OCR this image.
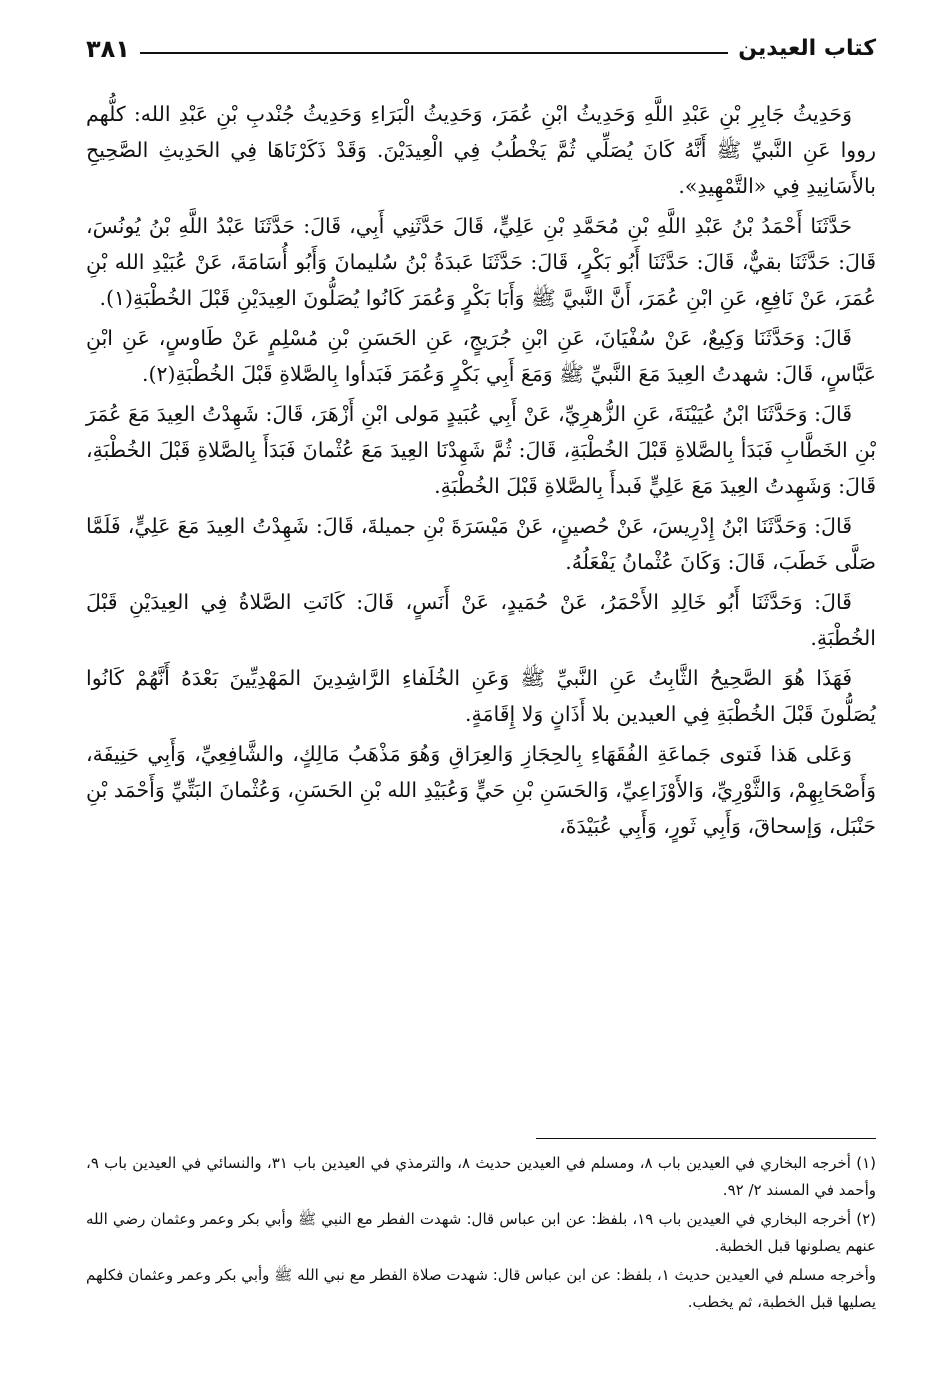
كتاب العيدين
٣٨١

وَحَدِيثُ جَابِرِ بْنِ عَبْدِ اللَّهِ وَحَدِيثُ ابْنِ عُمَرَ، وَحَدِيثُ الْبَرَاءِ وَحَدِيثُ جُنْدبِ بْنِ عَبْدِ الله: كلُّهم رووا عَنِ النَّبيِّ ﷺ أَنَّهُ كَانَ يُصَلِّي ثُمَّ يَخْطُبُ فِي الْعِيدَيْنَ. وَقَدْ ذَكَرْنَاهَا فِي الحَدِيثِ الصَّحِيحِ بالأَسَانِيدِ فِي «التَّمْهِيدِ».

حَدَّثَنَا أَحْمَدُ بْنُ عَبْدِ اللَّهِ بْنِ مُحَمَّدِ بْنِ عَلِيٍّ، قَالَ حَدَّثَنِي أَبِي، قَالَ: حَدَّثَنَا عَبْدُ اللَّهِ بْنُ يُونُسَ، قَالَ: حَدَّثَنَا بقيٌّ، قَالَ: حَدَّثَنَا أَبُو بَكْرٍ، قَالَ: حَدَّثَنَا عَبدَةُ بْنُ سُليمانَ وَأَبُو أُسَامَةَ، عَنْ عُبَيْدِ الله بْنِ عُمَرَ، عَنْ نَافِعِ، عَنِ ابْنِ عُمَرَ، أَنَّ النَّبيَّ ﷺ وَأَبَا بَكْرٍ وَعُمَرَ كَانُوا يُصَلُّونَ العِيدَيْنِ قَبْلَ الخُطْبَةِ(١).

قَالَ: وَحَدَّثَنَا وَكِيعٌ، عَنْ سُفْيَانَ، عَنِ ابْنِ جُرَيجٍ، عَنِ الحَسَنِ بْنِ مُسْلِمٍ عَنْ طَاوسٍ، عَنِ ابْنِ عَبَّاسٍ، قَالَ: شهدتُ العِيدَ مَعَ النَّبيِّ ﷺ وَمَعَ أَبِي بَكْرٍ وَعُمَرَ فَبَدأوا بِالصَّلاةِ قَبْلَ الخُطْبَةِ(٢).

قَالَ: وَحَدَّثَنَا ابْنُ عُيَيْنَةَ، عَنِ الزُّهرِيِّ، عَنْ أَبِي عُبَيدٍ مَولى ابْنِ أَزْهَرَ، قَالَ: شَهِدْتُ العِيدَ مَعَ عُمَرَ بْنِ الخَطَّابِ فَبَدَأ بِالصَّلاةِ قَبْلَ الخُطْبَةِ، قَالَ: ثُمَّ شَهِدْنَا العِيدَ مَعَ عُثْمانَ فَبَدَأَ بِالصَّلاةِ قَبْلَ الخُطْبَةِ، قَالَ: وَشَهِدتُ العِيدَ مَعَ عَلِيٍّ فَبدأَ بِالصَّلاةِ قَبْلَ الخُطْبَةِ.

قَالَ: وَحَدَّثَنَا ابْنُ إِدْرِيسَ، عَنْ حُصينٍ، عَنْ مَيْسَرَةَ بْنِ جميلةَ، قَالَ: شَهِدْتُ العِيدَ مَعَ عَلِيٍّ، فَلَمَّا صَلَّى خَطَبَ، قَالَ: وَكَانَ عُثْمانُ يَفْعَلُهُ.

قَالَ: وَحَدَّثَنَا أَبُو خَالِدِ الأَحْمَرُ، عَنْ حُمَيدٍ، عَنْ أَنَسٍ، قَالَ: كَانَتِ الصَّلاةُ فِي العِيدَيْنِ قَبْلَ الخُطْبَةِ.

فَهَذَا هُوَ الصَّحِيحُ الثَّابِتُ عَنِ النَّبيِّ ﷺ وَعَنِ الخُلَفاءِ الرَّاشِدِينَ المَهْدِيِّينَ بَعْدَهُ أَنَّهُمْ كَانُوا يُصَلُّونَ قَبْلَ الخُطْبَةِ فِي العيدين بلا أَذَانٍ وَلا إِقَامَةٍ.

وَعَلى هَذا فَتوى جَماعَةِ الفُقَهَاءِ بِالحِجَازِ وَالعِرَاقِ وَهُوَ مَذْهَبُ مَالِكٍ، والشَّافِعِيِّ، وَأَبِي حَنِيفَة، وَأَصْحَابِهِمْ، وَالثَّوْرِيِّ، وَالأَوْزَاعِيِّ، وَالحَسَنِ بْنِ حَيٍّ وَعُبَيْدِ الله بْنِ الحَسَنِ، وَعُثْمانَ البَتِّيِّ وَأَحْمَد بْنِ حَنْبَل، وَإسحاقَ، وَأَبِي ثَورٍ، وَأَبِي عُبَيْدَةَ،

(١) أخرجه البخاري في العيدين باب ٨، ومسلم في العيدين حديث ٨، والترمذي في العيدين باب ٣١، والنسائي في العيدين باب ٩، وأحمد في المسند ٢/ ٩٢.

(٢) أخرجه البخاري في العيدين باب ١٩، بلفظ: عن ابن عباس قال: شهدت الفطر مع النبي ﷺ وأبي بكر وعمر وعثمان رضي الله عنهم يصلونها قبل الخطبة.

وأخرجه مسلم في العيدين حديث ١، بلفظ: عن ابن عباس قال: شهدت صلاة الفطر مع نبي الله ﷺ وأبي بكر وعمر وعثمان فكلهم يصليها قبل الخطبة، ثم يخطب.
